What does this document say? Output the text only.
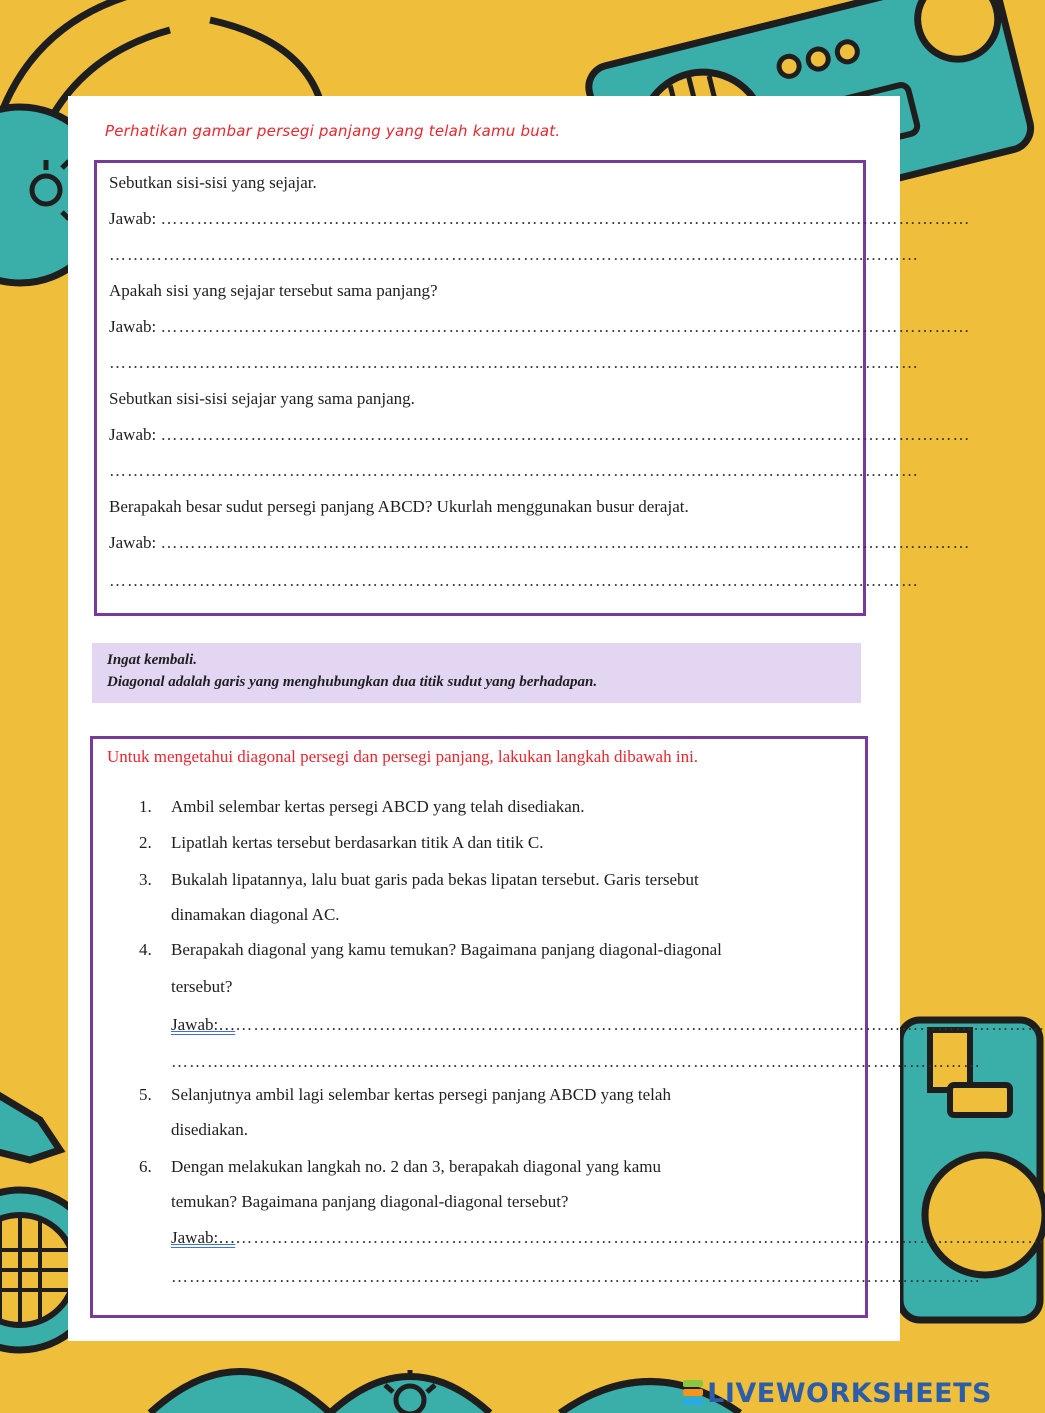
Perhatikan gambar persegi panjang yang telah kamu buat.

Sebutkan sisi-sisi yang sejajar.
Jawab: ………………………………………………………………………………………………………………………
………………………………………………………………………………………………………………………
Apakah sisi yang sejajar tersebut sama panjang?
Jawab: ………………………………………………………………………………………………………………………
………………………………………………………………………………………………………………………
Sebutkan sisi-sisi sejajar yang sama panjang.
Jawab: ………………………………………………………………………………………………………………………
………………………………………………………………………………………………………………………
Berapakah besar sudut persegi panjang ABCD? Ukurlah menggunakan busur derajat.
Jawab: ………………………………………………………………………………………………………………………
………………………………………………………………………………………………………………………
Ingat kembali.
Diagonal adalah garis yang menghubungkan dua titik sudut yang berhadapan.
Untuk mengetahui diagonal persegi dan persegi panjang, lakukan langkah dibawah ini.
1. Ambil selembar kertas persegi ABCD yang telah disediakan.
2. Lipatlah kertas tersebut berdasarkan titik A dan titik C.
3. Bukalah lipatannya, lalu buat garis pada bekas lipatan tersebut. Garis tersebut
dinamakan diagonal AC.
4. Berapakah diagonal yang kamu temukan? Bagaimana panjang diagonal-diagonal
tersebut?
Jawab:…………………………………………………………………………………………………………………………
………………………………………………………………………………………………………………………
5. Selanjutnya ambil lagi selembar kertas persegi panjang ABCD yang telah
disediakan.
6. Dengan melakukan langkah no. 2 dan 3, berapakah diagonal yang kamu
temukan? Bagaimana panjang diagonal-diagonal tersebut?
Jawab:…………………………………………………………………………………………………………………………
………………………………………………………………………………………………………………………
LIVEWORKSHEETS
